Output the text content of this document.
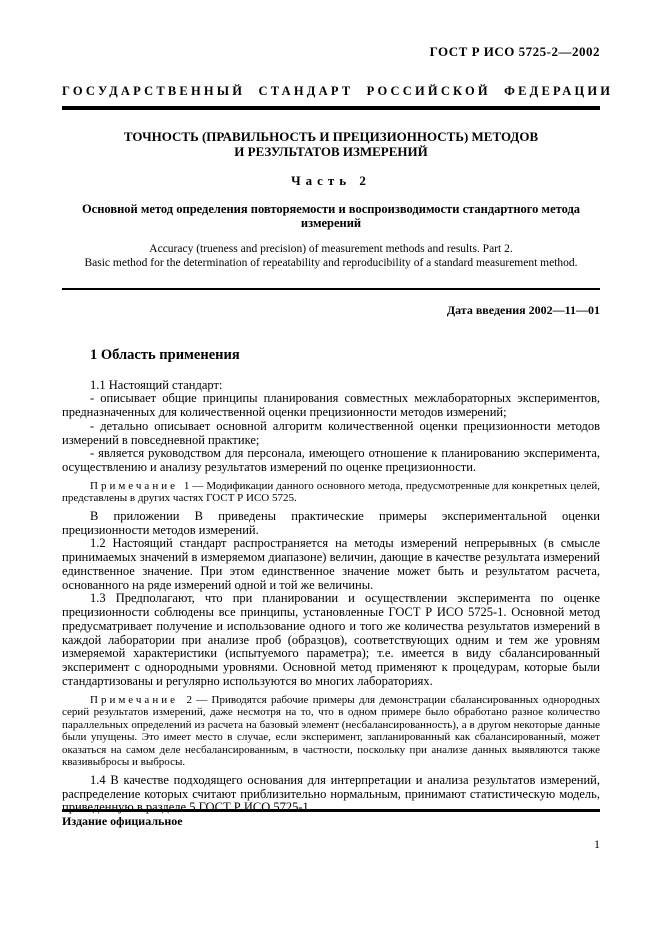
ГОСТ Р ИСО 5725-2—2002
ГОСУДАРСТВЕННЫЙ СТАНДАРТ РОССИЙСКОЙ ФЕДЕРАЦИИ
ТОЧНОСТЬ (ПРАВИЛЬНОСТЬ И ПРЕЦИЗИОННОСТЬ) МЕТОДОВ
И РЕЗУЛЬТАТОВ ИЗМЕРЕНИЙ
Часть 2
Основной метод определения повторяемости и воспроизводимости стандартного метода измерений
Accuracy (trueness and precision) of measurement methods and results. Part 2.
Basic method for the determination of repeatability and reproducibility of a standard measurement method.
Дата введения 2002—11—01
1 Область применения

1.1 Настоящий стандарт:

- описывает общие принципы планирования совместных межлабораторных экспериментов, предназначенных для количественной оценки прецизионности методов измерений;

- детально описывает основной алгоритм количественной оценки прецизионности методов измерений в повседневной практике;

- является руководством для персонала, имеющего отношение к планированию эксперимента, осуществлению и анализу результатов измерений по оценке прецизионности.

Примечание 1 — Модификации данного основного метода, предусмотренные для конкретных целей, представлены в других частях ГОСТ Р ИСО 5725.

В приложении В приведены практические примеры экспериментальной оценки прецизионности методов измерений.

1.2 Настоящий стандарт распространяется на методы измерений непрерывных (в смысле принимаемых значений в измеряемом диапазоне) величин, дающие в качестве результата измерений единственное значение. При этом единственное значение может быть и результатом расчета, основанного на ряде измерений одной и той же величины.

1.3 Предполагают, что при планировании и осуществлении эксперимента по оценке прецизионности соблюдены все принципы, установленные ГОСТ Р ИСО 5725-1. Основной метод предусматривает получение и использование одного и того же количества результатов измерений в каждой лаборатории при анализе проб (образцов), соответствующих одним и тем же уровням измеряемой характеристики (испытуемого параметра); т.е. имеется в виду сбалансированный эксперимент с однородными уровнями. Основной метод применяют к процедурам, которые были стандартизованы и регулярно используются во многих лабораториях.

Примечание 2 — Приводятся рабочие примеры для демонстрации сбалансированных однородных серий результатов измерений, даже несмотря на то, что в одном примере было обработано разное количество параллельных определений из расчета на базовый элемент (несбалансированность), а в другом некоторые данные были упущены. Это имеет место в случае, если эксперимент, запланированный как сбалансированный, может оказаться на самом деле несбалансированным, в частности, поскольку при анализе данных выявляются также квазивыбросы и выбросы.

1.4 В качестве подходящего основания для интерпретации и анализа результатов измерений, распределение которых считают приблизительно нормальным, принимают статистическую модель, приведенную в разделе 5 ГОСТ Р ИСО 5725-1.

Издание официальное
1
